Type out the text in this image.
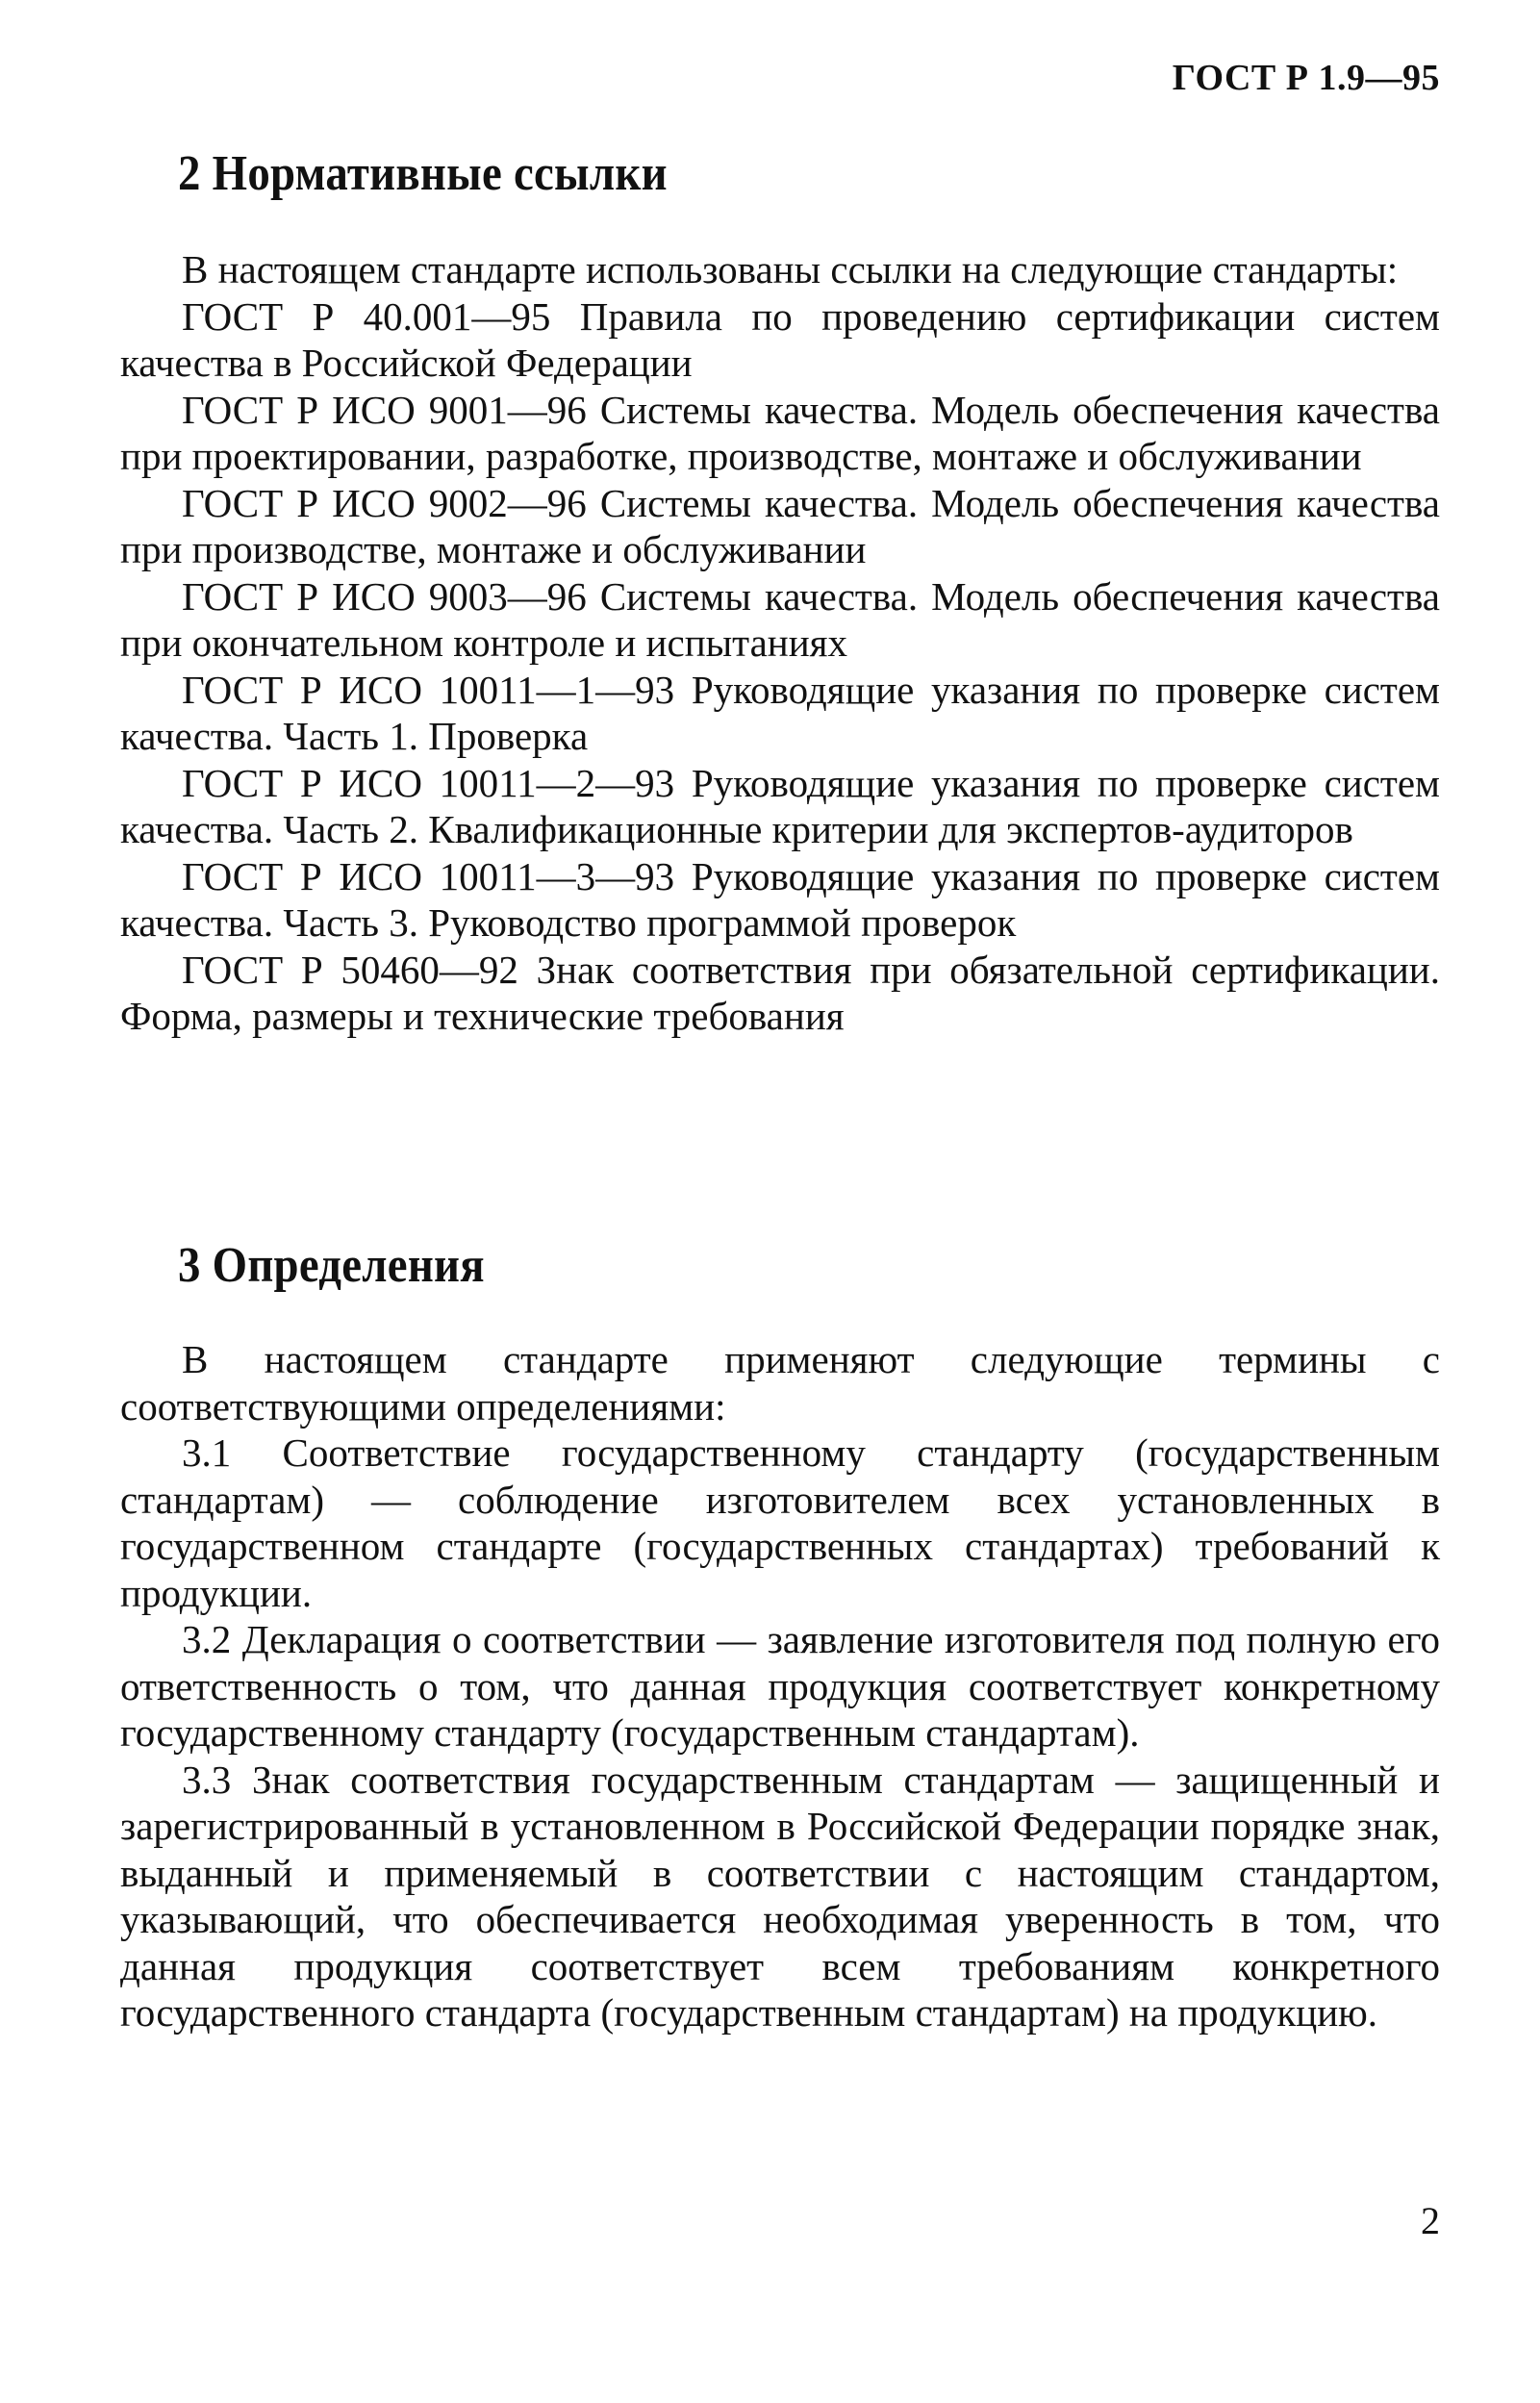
ГОСТ Р 1.9—95
2 Нормативные ссылки

В настоящем стандарте использованы ссылки на следующие стандарты:

ГОСТ Р 40.001—95 Правила по проведению сертификации систем качества в Российской Федерации

ГОСТ Р ИСО 9001—96 Системы качества. Модель обеспечения качества при проектировании, разработке, производстве, монтаже и обслуживании

ГОСТ Р ИСО 9002—96 Системы качества. Модель обеспечения качества при производстве, монтаже и обслуживании

ГОСТ Р ИСО 9003—96 Системы качества. Модель обеспечения качества при окончательном контроле и испытаниях

ГОСТ Р ИСО 10011—1—93 Руководящие указания по проверке систем качества. Часть 1. Проверка

ГОСТ Р ИСО 10011—2—93 Руководящие указания по проверке систем качества. Часть 2. Квалификационные критерии для экспертов-аудиторов

ГОСТ Р ИСО 10011—3—93 Руководящие указания по проверке систем качества. Часть 3. Руководство программой проверок

ГОСТ Р 50460—92 Знак соответствия при обязательной сертификации. Форма, размеры и технические требования

3 Определения

В настоящем стандарте применяют следующие термины с соответствующими определениями:

3.1 Соответствие государственному стандарту (государственным стандартам) — соблюдение изготовителем всех установленных в государственном стандарте (государственных стандартах) требований к продукции.

3.2 Декларация о соответствии — заявление изготовителя под полную его ответственность о том, что данная продукция соответствует конкретному государственному стандарту (государственным стандартам).

3.3 Знак соответствия государственным стандартам — защищенный и зарегистрированный в установленном в Российской Федерации порядке знак, выданный и применяемый в соответствии с настоящим стандартом, указывающий, что обеспечивается необходимая уверенность в том, что данная продукция соответствует всем требованиям конкретного государственного стандарта (государственным стандартам) на продукцию.

2
